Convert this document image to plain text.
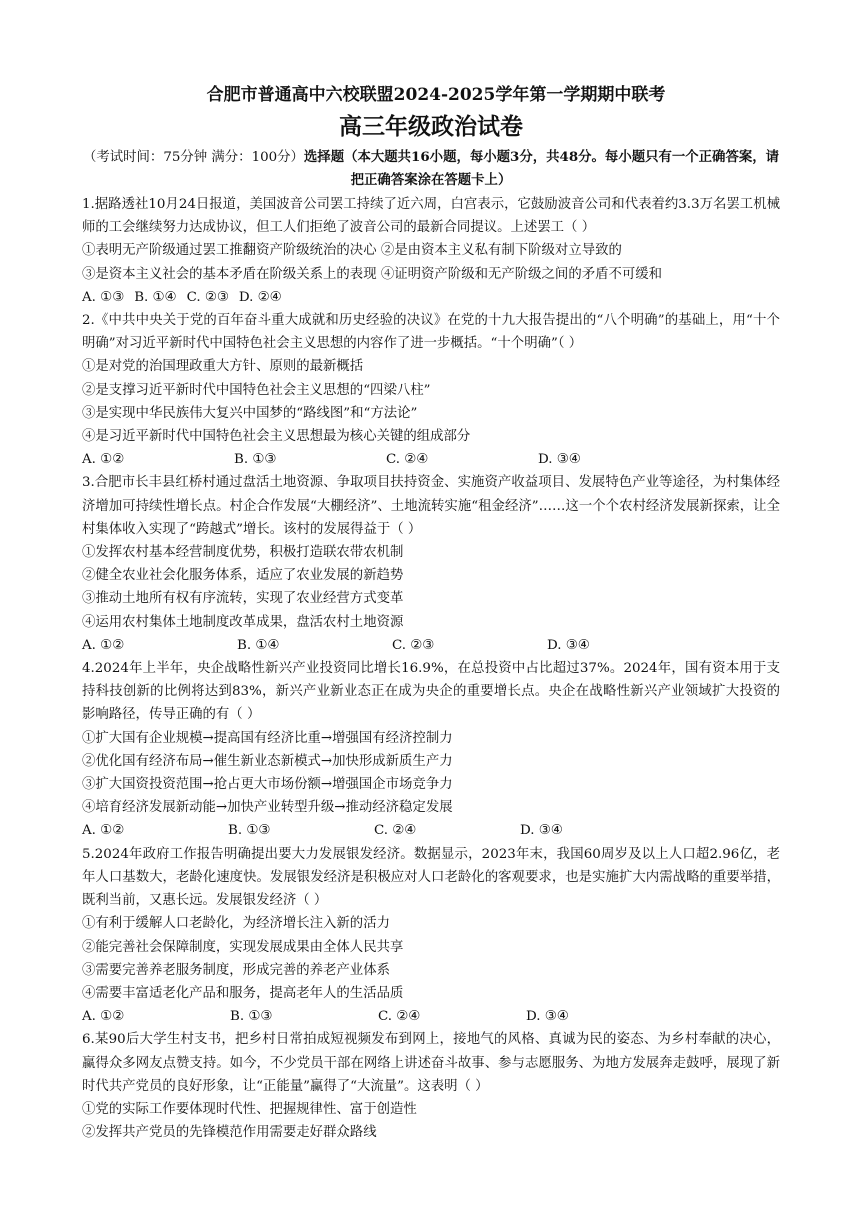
合肥市普通高中六校联盟2024-2025学年第一学期期中联考
高三年级政治试卷
（考试时间：75分钟 满分：100分）选择题（本大题共16小题，每小题3分，共48分。每小题只有一个正确答案，请把正确答案涂在答题卡上）
1.据路透社10月24日报道，美国波音公司罢工持续了近六周，白宫表示，它鼓励波音公司和代表着约3.3万名罢工机械师的工会继续努力达成协议，但工人们拒绝了波音公司的最新合同提议。上述罢工（ ）
①表明无产阶级通过罢工推翻资产阶级统治的决心 ②是由资本主义私有制下阶级对立导致的
③是资本主义社会的基本矛盾在阶级关系上的表现 ④证明资产阶级和无产阶级之间的矛盾不可缓和
A. ①③ B. ①④ C. ②③ D. ②④
2.《中共中央关于党的百年奋斗重大成就和历史经验的决议》在党的十九大报告提出的“八个明确”的基础上，用“十个明确”对习近平新时代中国特色社会主义思想的内容作了进一步概括。“十个明确”（ ）
①是对党的治国理政重大方针、原则的最新概括
②是支撑习近平新时代中国特色社会主义思想的“四梁八柱”
③是实现中华民族伟大复兴中国梦的“路线图”和“方法论”
④是习近平新时代中国特色社会主义思想最为核心关键的组成部分
A. ①②	B. ①③	C. ②④	D. ③④
3.合肥市长丰县红桥村通过盘活土地资源、争取项目扶持资金、实施资产收益项目、发展特色产业等途径，为村集体经济增加可持续性增长点。村企合作发展“大棚经济”、土地流转实施“租金经济”……这一个个农村经济发展新探索，让全村集体收入实现了“跨越式”增长。该村的发展得益于（ ）
①发挥农村基本经营制度优势，积极打造联农带农机制
②健全农业社会化服务体系，适应了农业发展的新趋势
③推动土地所有权有序流转，实现了农业经营方式变革
④运用农村集体土地制度改革成果，盘活农村土地资源
A. ①②	B. ①④	C. ②③	D. ③④
4.2024年上半年，央企战略性新兴产业投资同比增长16.9%，在总投资中占比超过37%。2024年，国有资本用于支持科技创新的比例将达到83%，新兴产业新业态正在成为央企的重要增长点。央企在战略性新兴产业领域扩大投资的影响路径，传导正确的有（ ）
①扩大国有企业规模→提高国有经济比重→增强国有经济控制力
②优化国有经济布局→催生新业态新模式→加快形成新质生产力
③扩大国资投资范围→抢占更大市场份额→增强国企市场竞争力
④培育经济发展新动能→加快产业转型升级→推动经济稳定发展
A. ①②	B. ①③	C. ②④	D. ③④
5.2024年政府工作报告明确提出要大力发展银发经济。数据显示，2023年末，我国60周岁及以上人口超2.96亿，老年人口基数大，老龄化速度快。发展银发经济是积极应对人口老龄化的客观要求，也是实施扩大内需战略的重要举措，既利当前，又惠长远。发展银发经济（ ）
①有利于缓解人口老龄化，为经济增长注入新的活力
②能完善社会保障制度，实现发展成果由全体人民共享
③需要完善养老服务制度，形成完善的养老产业体系
④需要丰富适老化产品和服务，提高老年人的生活品质
A. ①②	B. ①③	C. ②④	D. ③④
6.某90后大学生村支书，把乡村日常拍成短视频发布到网上，接地气的风格、真诚为民的姿态、为乡村奉献的决心，赢得众多网友点赞支持。如今，不少党员干部在网络上讲述奋斗故事、参与志愿服务、为地方发展奔走鼓呼，展现了新时代共产党员的良好形象，让“正能量”赢得了“大流量”。这表明（ ）
①党的实际工作要体现时代性、把握规律性、富于创造性
②发挥共产党员的先锋模范作用需要走好群众路线
